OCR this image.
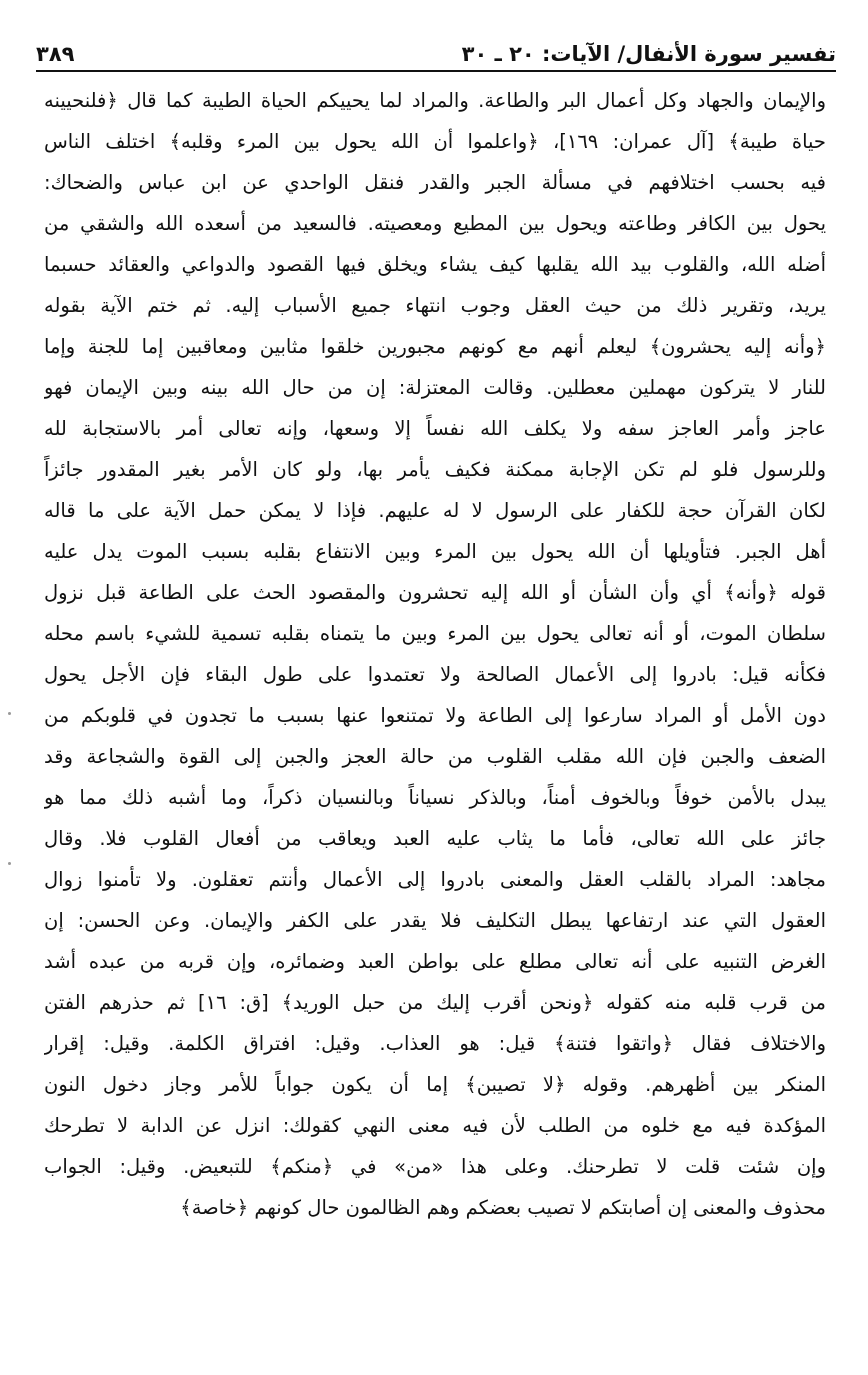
تفسير سورة الأنفال/ الآيات: ٢٠ ـ ٣٠
٣٨٩
والإيمان والجهاد وكل أعمال البر والطاعة. والمراد لما يحييكم الحياة الطيبة كما قال ﴿فلنحيينه
حياة طيبة﴾ [آل عمران: ١٦٩]، ﴿واعلموا أن الله يحول بين المرء وقلبه﴾ اختلف الناس
فيه بحسب اختلافهم في مسألة الجبر والقدر فنقل الواحدي عن ابن عباس والضحاك:
يحول بين الكافر وطاعته ويحول بين المطيع ومعصيته. فالسعيد من أسعده الله والشقي من
أضله الله، والقلوب بيد الله يقلبها كيف يشاء ويخلق فيها القصود والدواعي والعقائد حسبما
يريد، وتقرير ذلك من حيث العقل وجوب انتهاء جميع الأسباب إليه. ثم ختم الآية بقوله
﴿وأنه إليه يحشرون﴾ ليعلم أنهم مع كونهم مجبورين خلقوا مثابين ومعاقبين إما للجنة وإما
للنار لا يتركون مهملين معطلين. وقالت المعتزلة: إن من حال الله بينه وبين الإيمان فهو
عاجز وأمر العاجز سفه ولا يكلف الله نفساً إلا وسعها، وإنه تعالى أمر بالاستجابة لله
وللرسول فلو لم تكن الإجابة ممكنة فكيف يأمر بها، ولو كان الأمر بغير المقدور جائزاً
لكان القرآن حجة للكفار على الرسول لا له عليهم. فإذا لا يمكن حمل الآية على ما قاله
أهل الجبر. فتأويلها أن الله يحول بين المرء وبين الانتفاع بقلبه بسبب الموت يدل عليه
قوله ﴿وأنه﴾ أي وأن الشأن أو الله إليه تحشرون والمقصود الحث على الطاعة قبل نزول
سلطان الموت، أو أنه تعالى يحول بين المرء وبين ما يتمناه بقلبه تسمية للشيء باسم محله
فكأنه قيل: بادروا إلى الأعمال الصالحة ولا تعتمدوا على طول البقاء فإن الأجل يحول
دون الأمل أو المراد سارعوا إلى الطاعة ولا تمتنعوا عنها بسبب ما تجدون في قلوبكم من
الضعف والجبن فإن الله مقلب القلوب من حالة العجز والجبن إلى القوة والشجاعة وقد
يبدل بالأمن خوفاً وبالخوف أمناً، وبالذكر نسياناً وبالنسيان ذكراً، وما أشبه ذلك مما هو
جائز على الله تعالى، فأما ما يثاب عليه العبد ويعاقب من أفعال القلوب فلا. وقال
مجاهد: المراد بالقلب العقل والمعنى بادروا إلى الأعمال وأنتم تعقلون. ولا تأمنوا زوال
العقول التي عند ارتفاعها يبطل التكليف فلا يقدر على الكفر والإيمان. وعن الحسن: إن
الغرض التنبيه على أنه تعالى مطلع على بواطن العبد وضمائره، وإن قربه من عبده أشد
من قرب قلبه منه كقوله ﴿ونحن أقرب إليك من حبل الوريد﴾ [ق: ١٦] ثم حذرهم الفتن
والاختلاف فقال ﴿واتقوا فتنة﴾ قيل: هو العذاب. وقيل: افتراق الكلمة. وقيل: إقرار
المنكر بين أظهرهم. وقوله ﴿لا تصيبن﴾ إما أن يكون جواباً للأمر وجاز دخول النون
المؤكدة فيه مع خلوه من الطلب لأن فيه معنى النهي كقولك: انزل عن الدابة لا تطرحك
وإن شئت قلت لا تطرحنك. وعلى هذا «من» في ﴿منكم﴾ للتبعيض. وقيل: الجواب
محذوف والمعنى إن أصابتكم لا تصيب بعضكم وهم الظالمون حال كونهم ﴿خاصة﴾
